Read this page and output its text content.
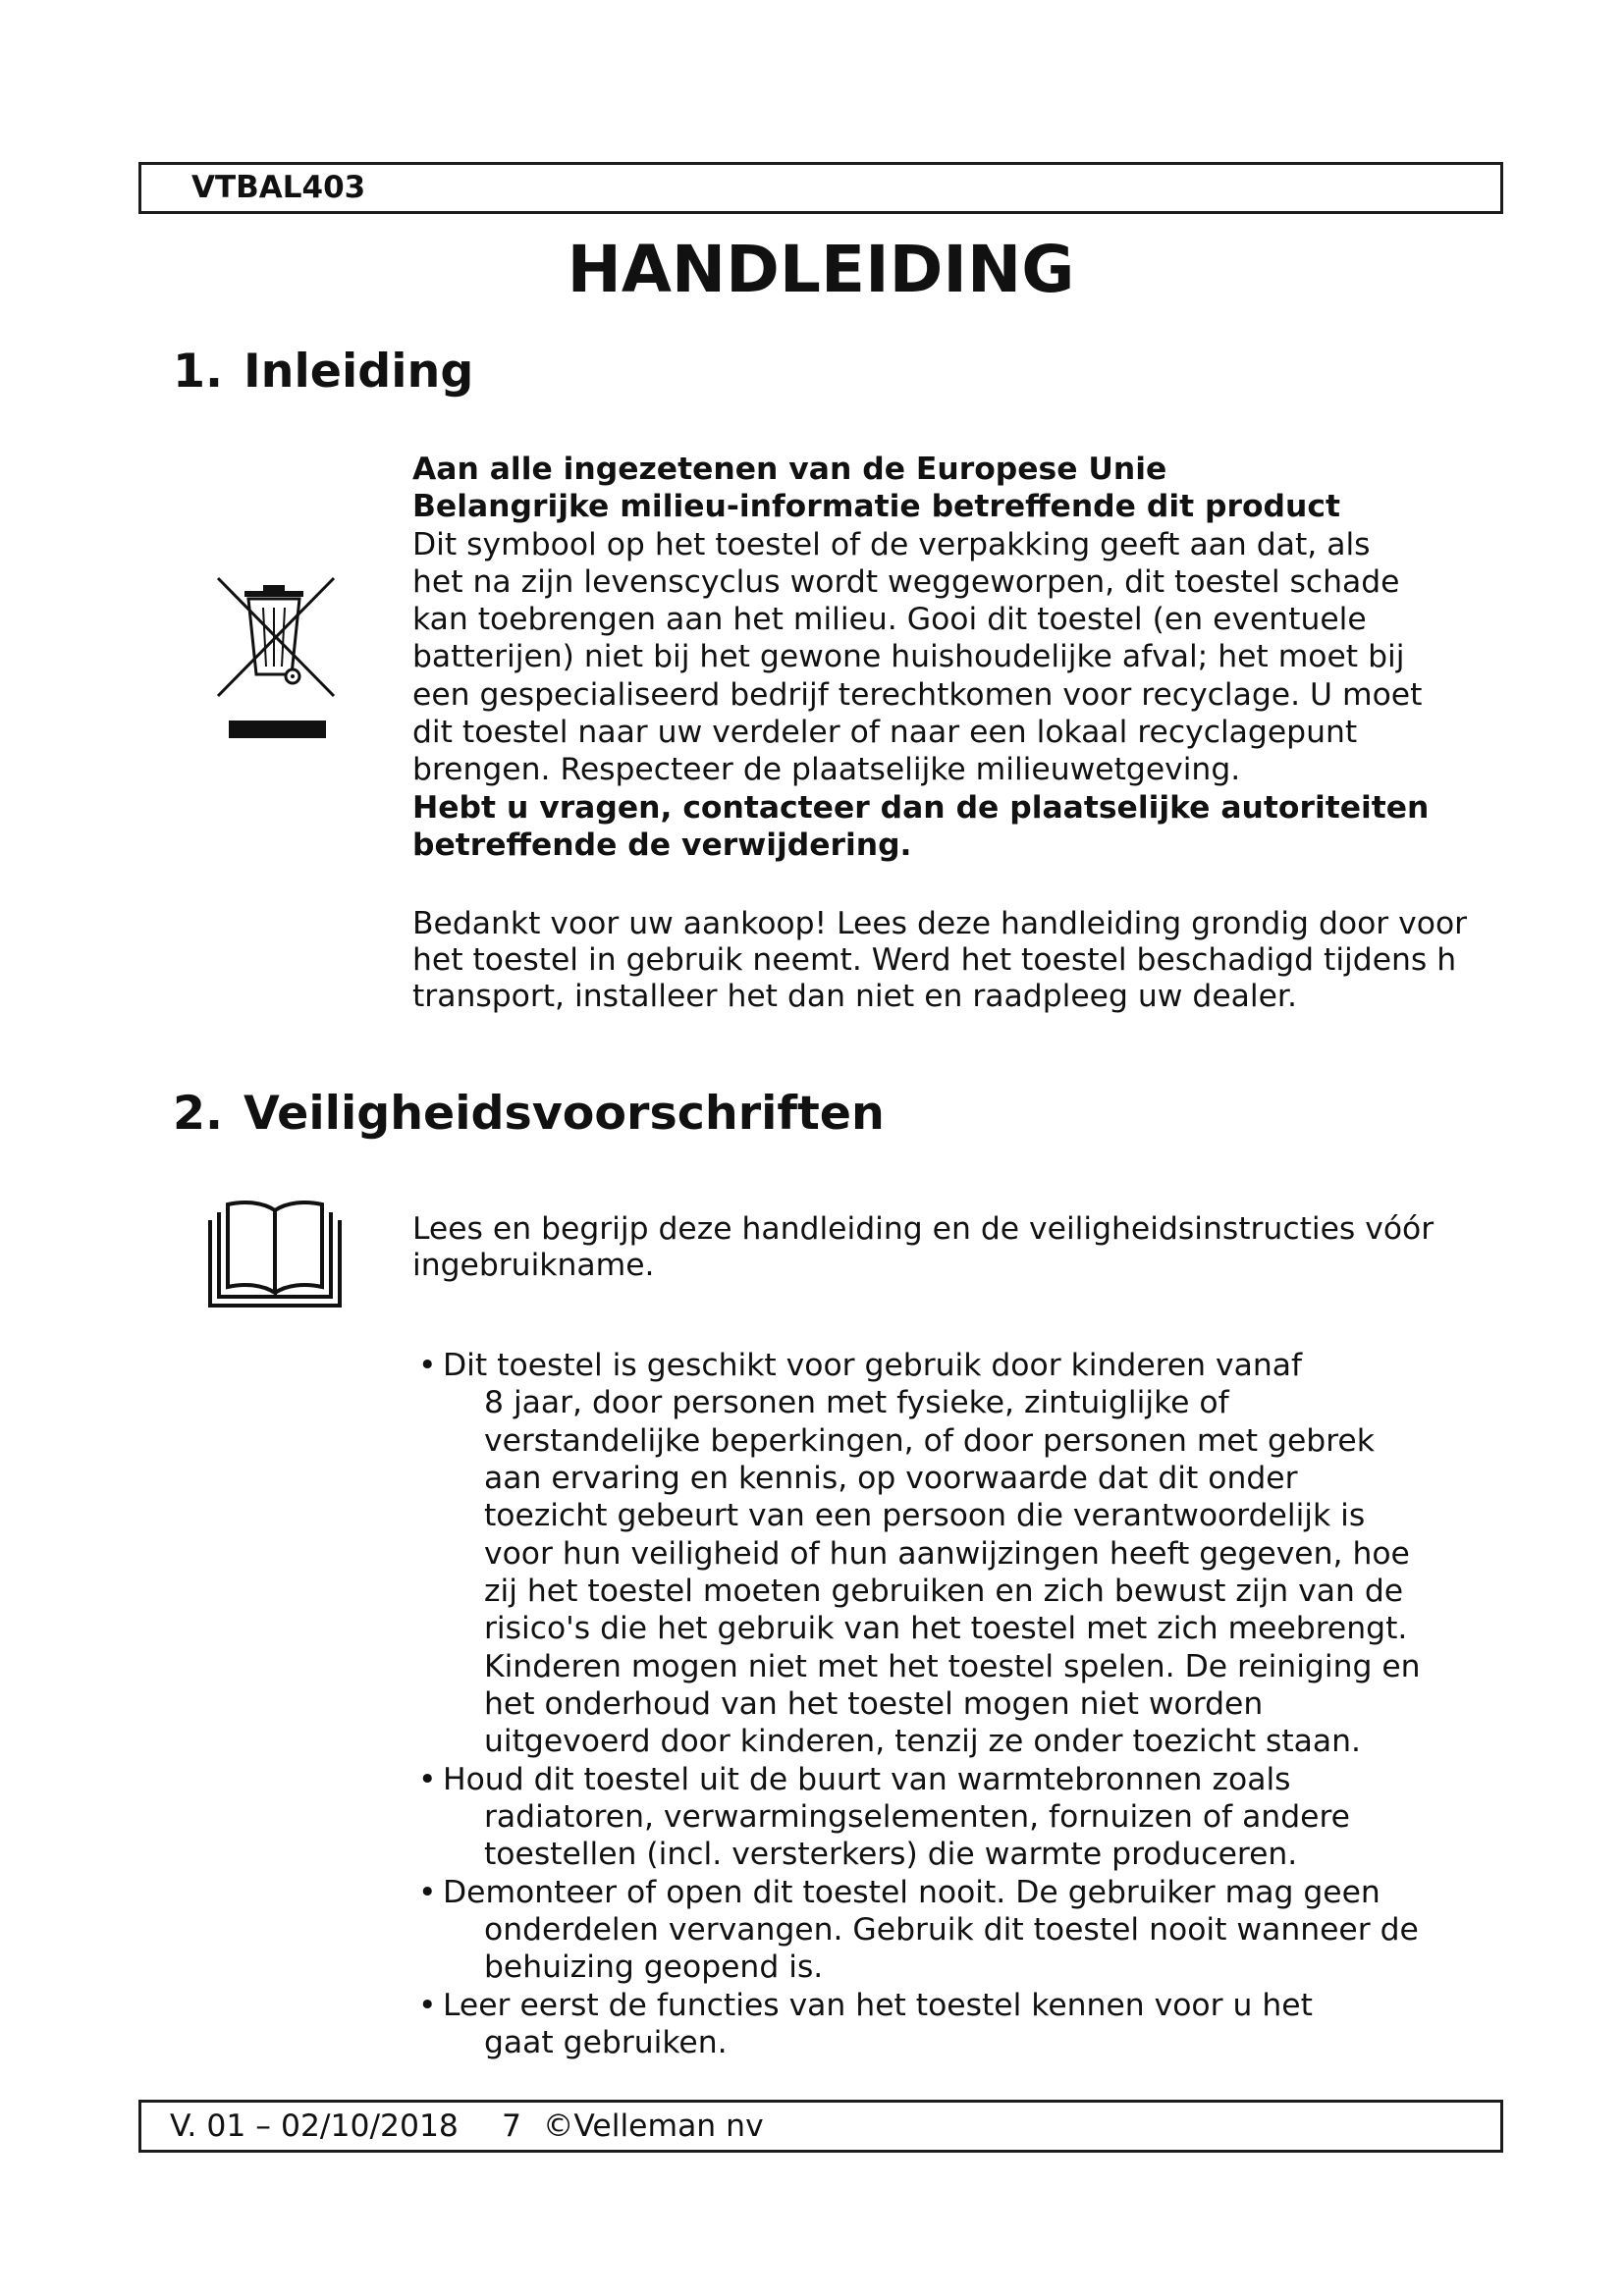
VTBAL403
HANDLEIDING
1. Inleiding
Aan alle ingezetenen van de Europese Unie
Belangrijke milieu-informatie betreffende dit product
Dit symbool op het toestel of de verpakking geeft aan dat, als
het na zijn levenscyclus wordt weggeworpen, dit toestel schade
kan toebrengen aan het milieu. Gooi dit toestel (en eventuele
batterijen) niet bij het gewone huishoudelijke afval; het moet bij
een gespecialiseerd bedrijf terechtkomen voor recyclage. U moet
dit toestel naar uw verdeler of naar een lokaal recyclagepunt
brengen. Respecteer de plaatselijke milieuwetgeving.
Hebt u vragen, contacteer dan de plaatselijke autoriteiten
betreffende de verwijdering.
Bedankt voor uw aankoop! Lees deze handleiding grondig door voor
het toestel in gebruik neemt. Werd het toestel beschadigd tijdens h
transport, installeer het dan niet en raadpleeg uw dealer.
2. Veiligheidsvoorschriften
Lees en begrijp deze handleiding en de veiligheidsinstructies vóór
ingebruikname.
• Dit toestel is geschikt voor gebruik door kinderen vanaf
8 jaar, door personen met fysieke, zintuiglijke of
verstandelijke beperkingen, of door personen met gebrek
aan ervaring en kennis, op voorwaarde dat dit onder
toezicht gebeurt van een persoon die verantwoordelijk is
voor hun veiligheid of hun aanwijzingen heeft gegeven, hoe
zij het toestel moeten gebruiken en zich bewust zijn van de
risico's die het gebruik van het toestel met zich meebrengt.
Kinderen mogen niet met het toestel spelen. De reiniging en
het onderhoud van het toestel mogen niet worden
uitgevoerd door kinderen, tenzij ze onder toezicht staan.
• Houd dit toestel uit de buurt van warmtebronnen zoals
radiatoren, verwarmingselementen, fornuizen of andere
toestellen (incl. versterkers) die warmte produceren.
• Demonteer of open dit toestel nooit. De gebruiker mag geen
onderdelen vervangen. Gebruik dit toestel nooit wanneer de
behuizing geopend is.
• Leer eerst de functies van het toestel kennen voor u het
gaat gebruiken.
V. 01 – 02/10/2018 7 ©Velleman nv
